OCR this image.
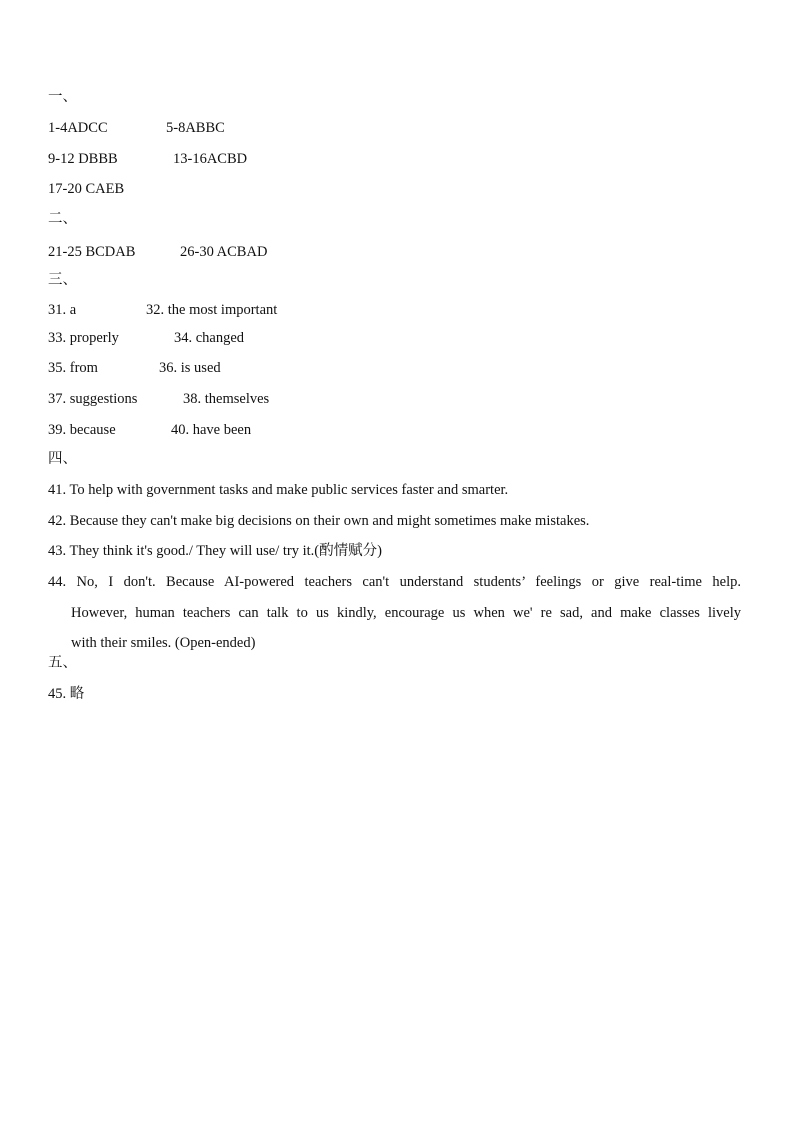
一、
1-4ADCC	5-8ABBC
9-12 DBBB	13-16ACBD
17-20 CAEB
二、
21-25 BCDAB	26-30 ACBAD
三、
31. a	32. the most important
33. properly	34. changed
35. from	36. is used
37. suggestions	38. themselves
39. because	40. have been
四、
41. To help with government tasks and make public services faster and smarter.
42. Because they can't make big decisions on their own and might sometimes make mistakes.
43. They think it's good./ They will use/ try it.(酌情赋分)
44. No, I don't. Because AI-powered teachers can't understand students’ feelings or give real-time help.
However, human teachers can talk to us kindly, encourage us when we' re sad, and make classes lively
with their smiles. (Open-ended)
五、
45. 略
